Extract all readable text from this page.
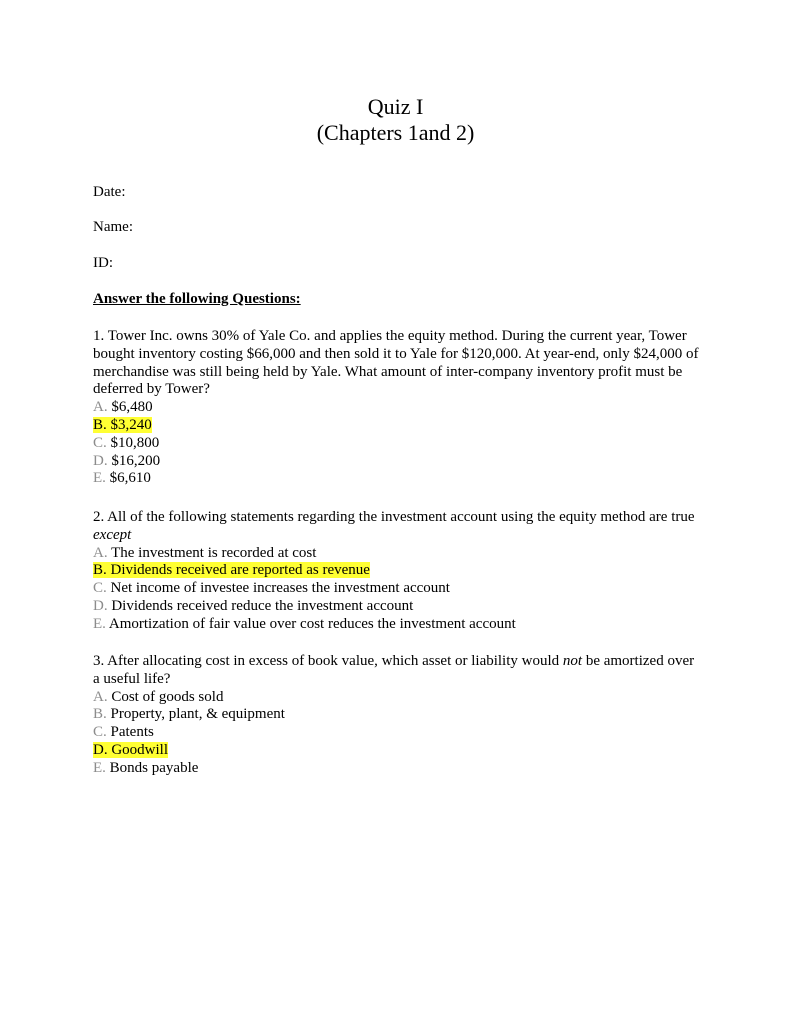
Quiz I
(Chapters 1and 2)
Date:
Name:
ID:
Answer the following Questions:

1. Tower Inc. owns 30% of Yale Co. and applies the equity method. During the current year, Tower bought inventory costing $66,000 and then sold it to Yale for $120,000. At year-end, only $24,000 of merchandise was still being held by Yale. What amount of inter-company inventory profit must be deferred by Tower?

A. $6,480
B. $3,240
C. $10,800
D. $16,200
E. $6,610

2. All of the following statements regarding the investment account using the equity method are true except

A. The investment is recorded at cost
B. Dividends received are reported as revenue
C. Net income of investee increases the investment account
D. Dividends received reduce the investment account
E. Amortization of fair value over cost reduces the investment account

3. After allocating cost in excess of book value, which asset or liability would not be amortized over a useful life?

A. Cost of goods sold
B. Property, plant, & equipment
C. Patents
D. Goodwill
E. Bonds payable
